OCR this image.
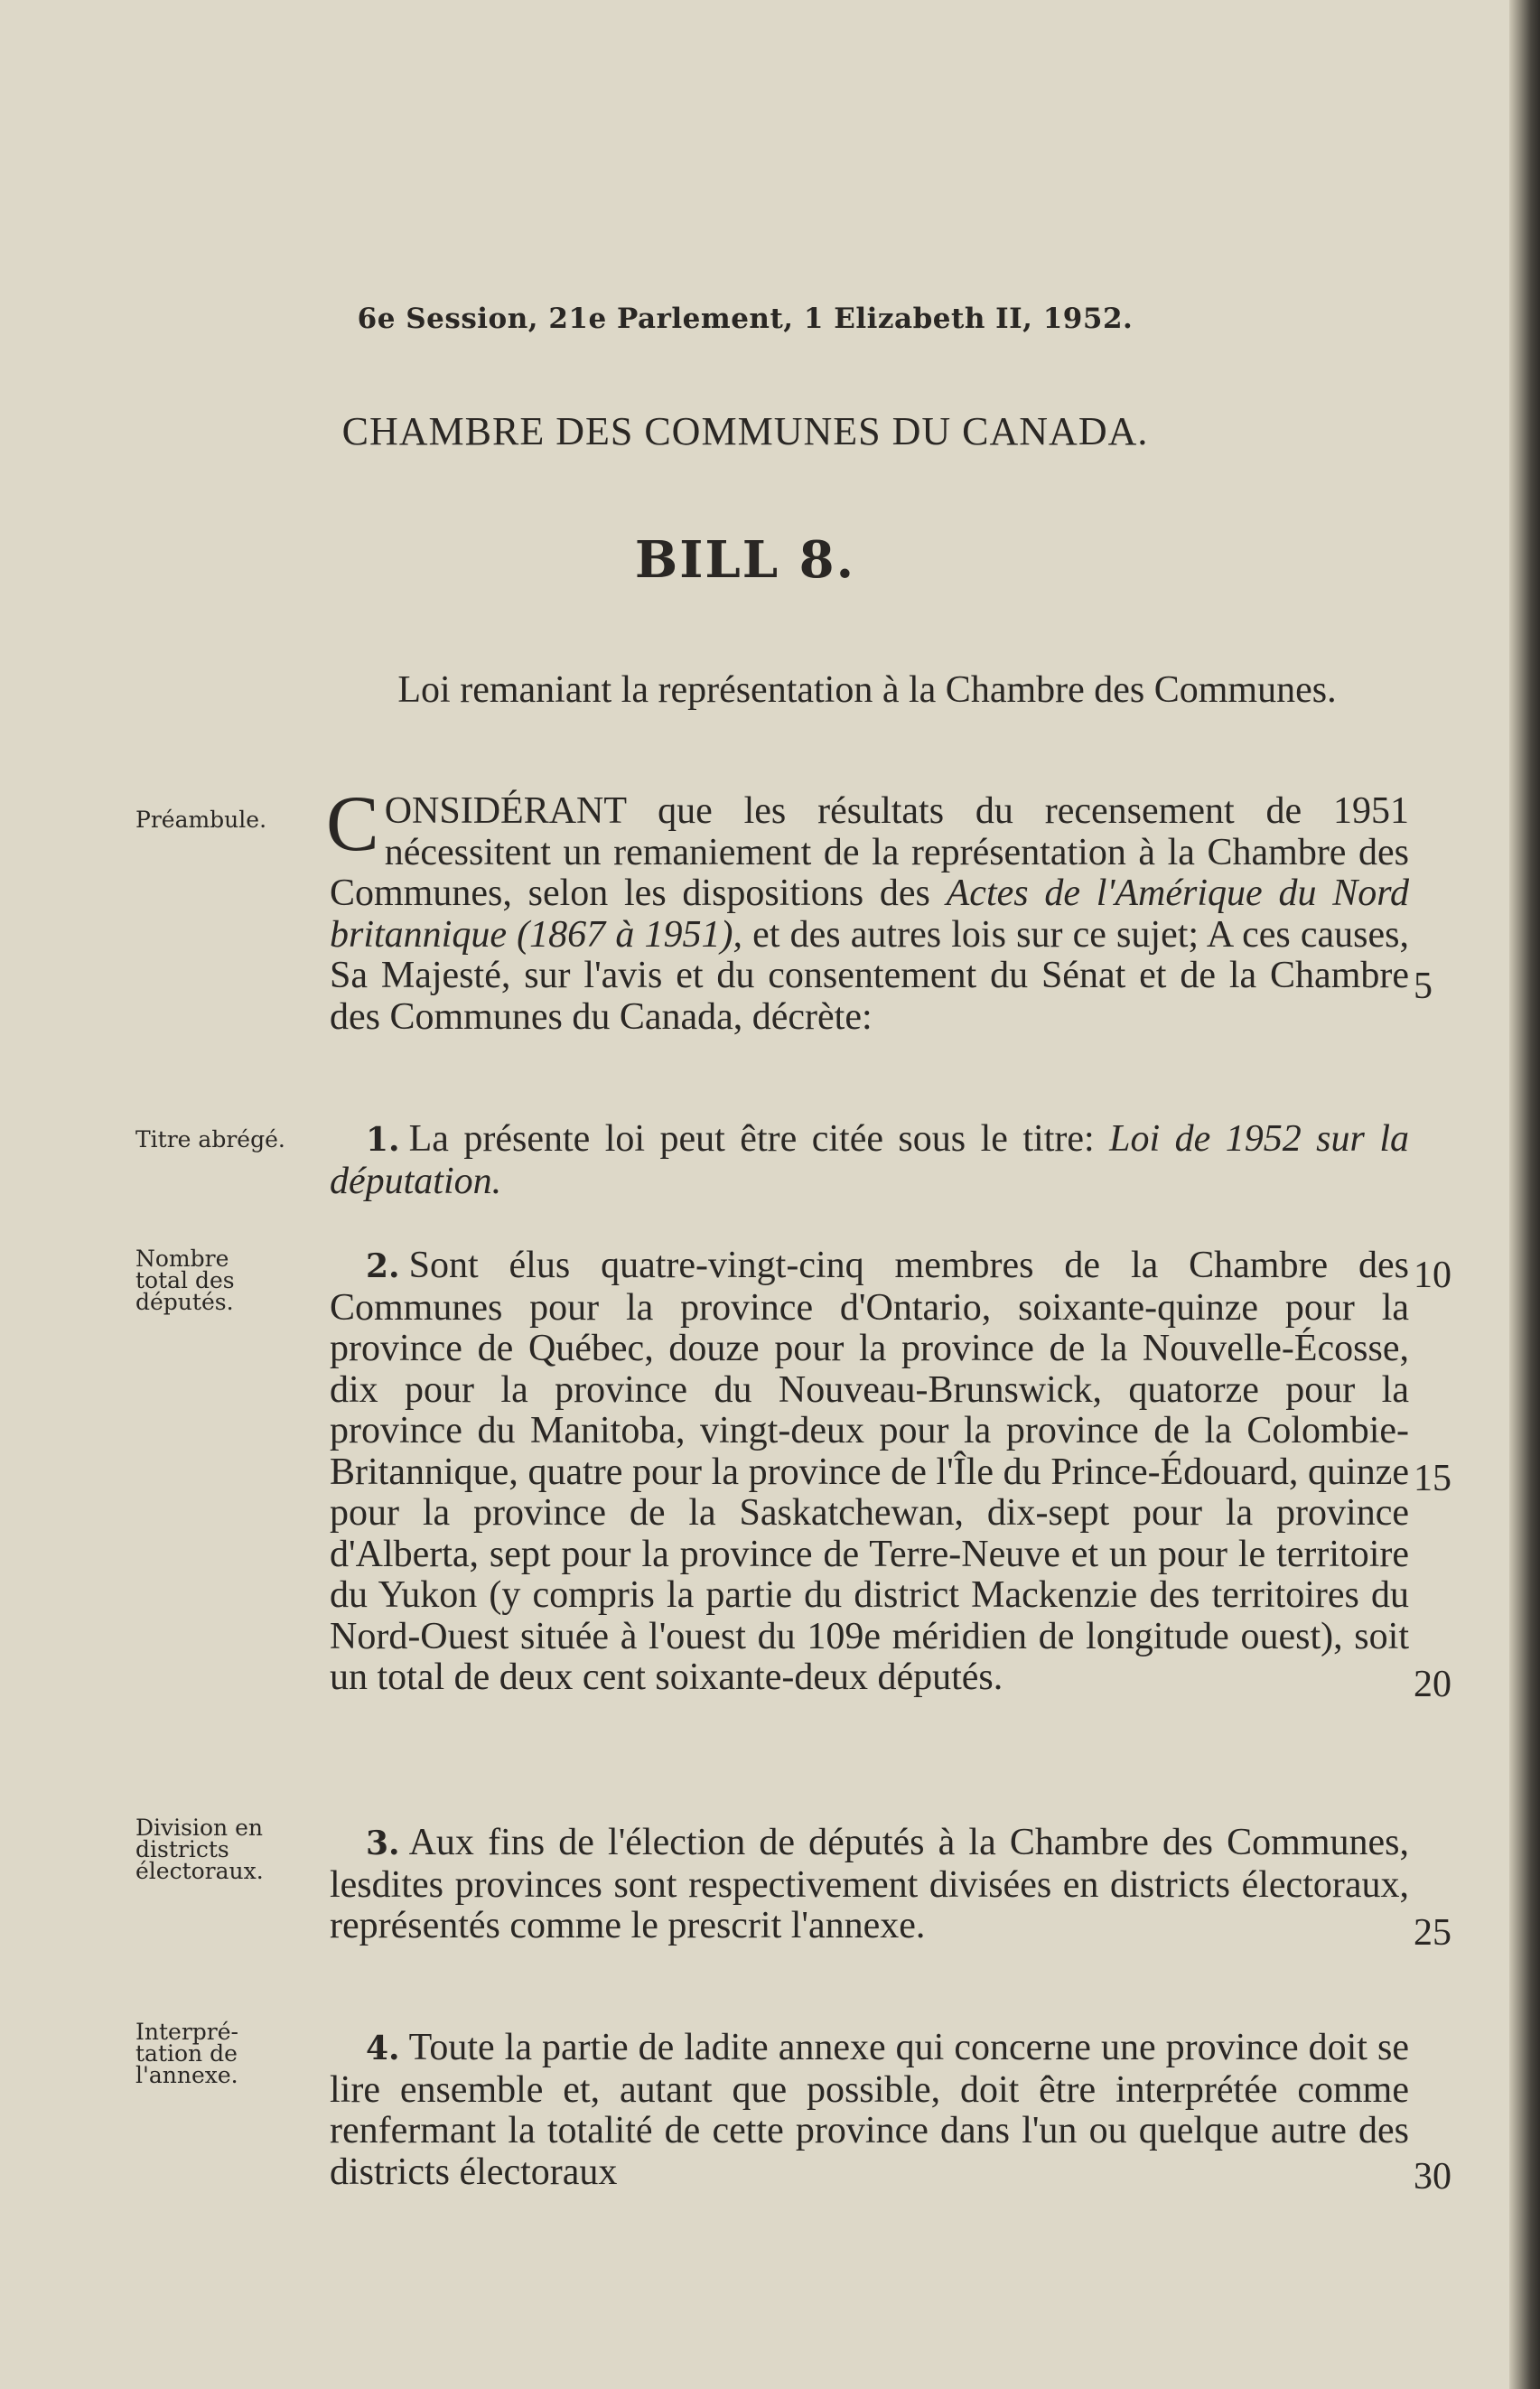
6e Session, 21e Parlement, 1 Elizabeth II, 1952.
CHAMBRE DES COMMUNES DU CANADA.
BILL 8.
Loi remaniant la représentation à la Chambre des Communes.
Préambule.
Titre abrégé.
Nombre total des députés.
Division en districts électoraux.
Interpré-tation de l'annexe.
CONSIDÉRANT que les résultats du recensement de 1951 nécessitent un remaniement de la représentation à la Chambre des Communes, selon les dispositions des Actes de l'Amérique du Nord britannique (1867 à 1951), et des autres lois sur ce sujet; A ces causes, Sa Majesté, sur l'avis et du consentement du Sénat et de la Chambre des Communes du Canada, décrète:
1. La présente loi peut être citée sous le titre: Loi de 1952 sur la députation.
2. Sont élus quatre-vingt-cinq membres de la Chambre des Communes pour la province d'Ontario, soixante-quinze pour la province de Québec, douze pour la province de la Nouvelle-Écosse, dix pour la province du Nouveau-Brunswick, quatorze pour la province du Manitoba, vingt-deux pour la province de la Colombie-Britannique, quatre pour la province de l'Île du Prince-Édouard, quinze pour la province de la Saskatchewan, dix-sept pour la province d'Alberta, sept pour la province de Terre-Neuve et un pour le territoire du Yukon (y compris la partie du district Mackenzie des territoires du Nord-Ouest située à l'ouest du 109e méridien de longitude ouest), soit un total de deux cent soixante-deux députés.
3. Aux fins de l'élection de députés à la Chambre des Communes, lesdites provinces sont respectivement divisées en districts électoraux, représentés comme le prescrit l'annexe.
4. Toute la partie de ladite annexe qui concerne une province doit se lire ensemble et, autant que possible, doit être interprétée comme renfermant la totalité de cette province dans l'un ou quelque autre des districts électoraux
5
10
15
20
25
30
